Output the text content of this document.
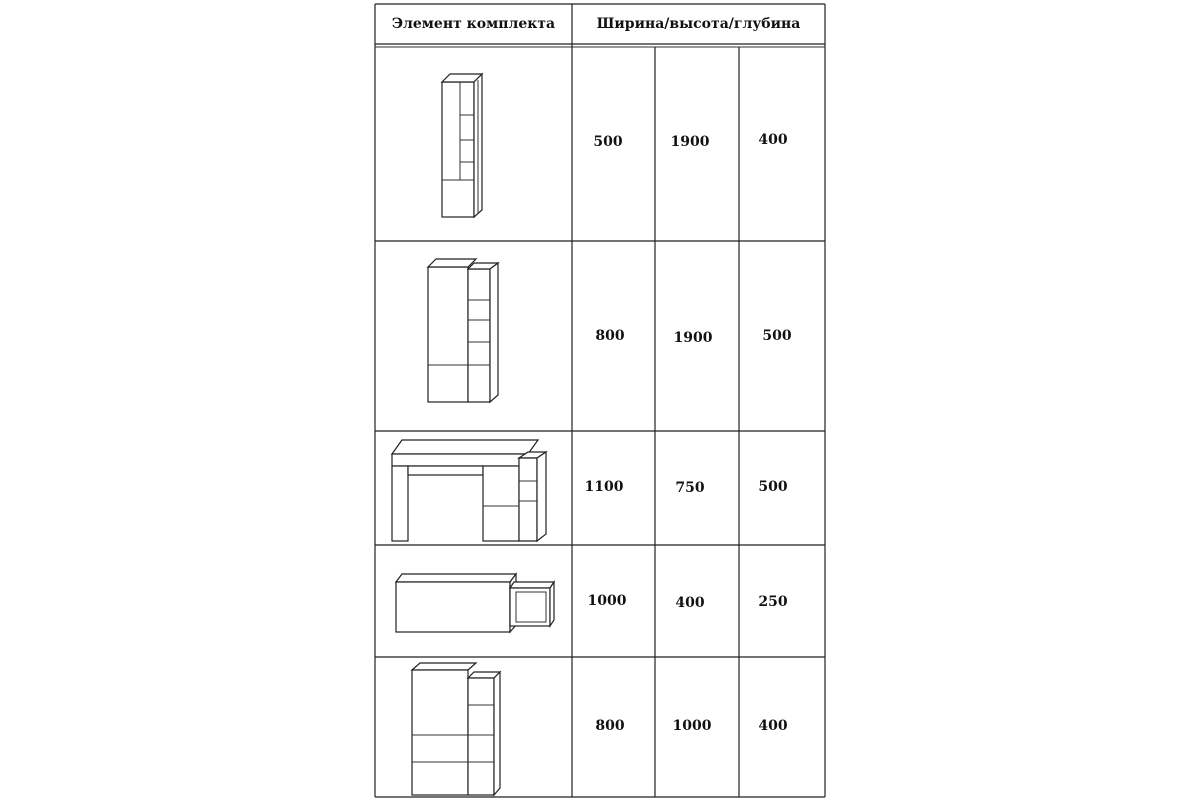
Элемент комплекта	Ширина/высота/глубина
500	1900	400
800	1900	500
1100	750	500
1000	400	250
800	1000	400
